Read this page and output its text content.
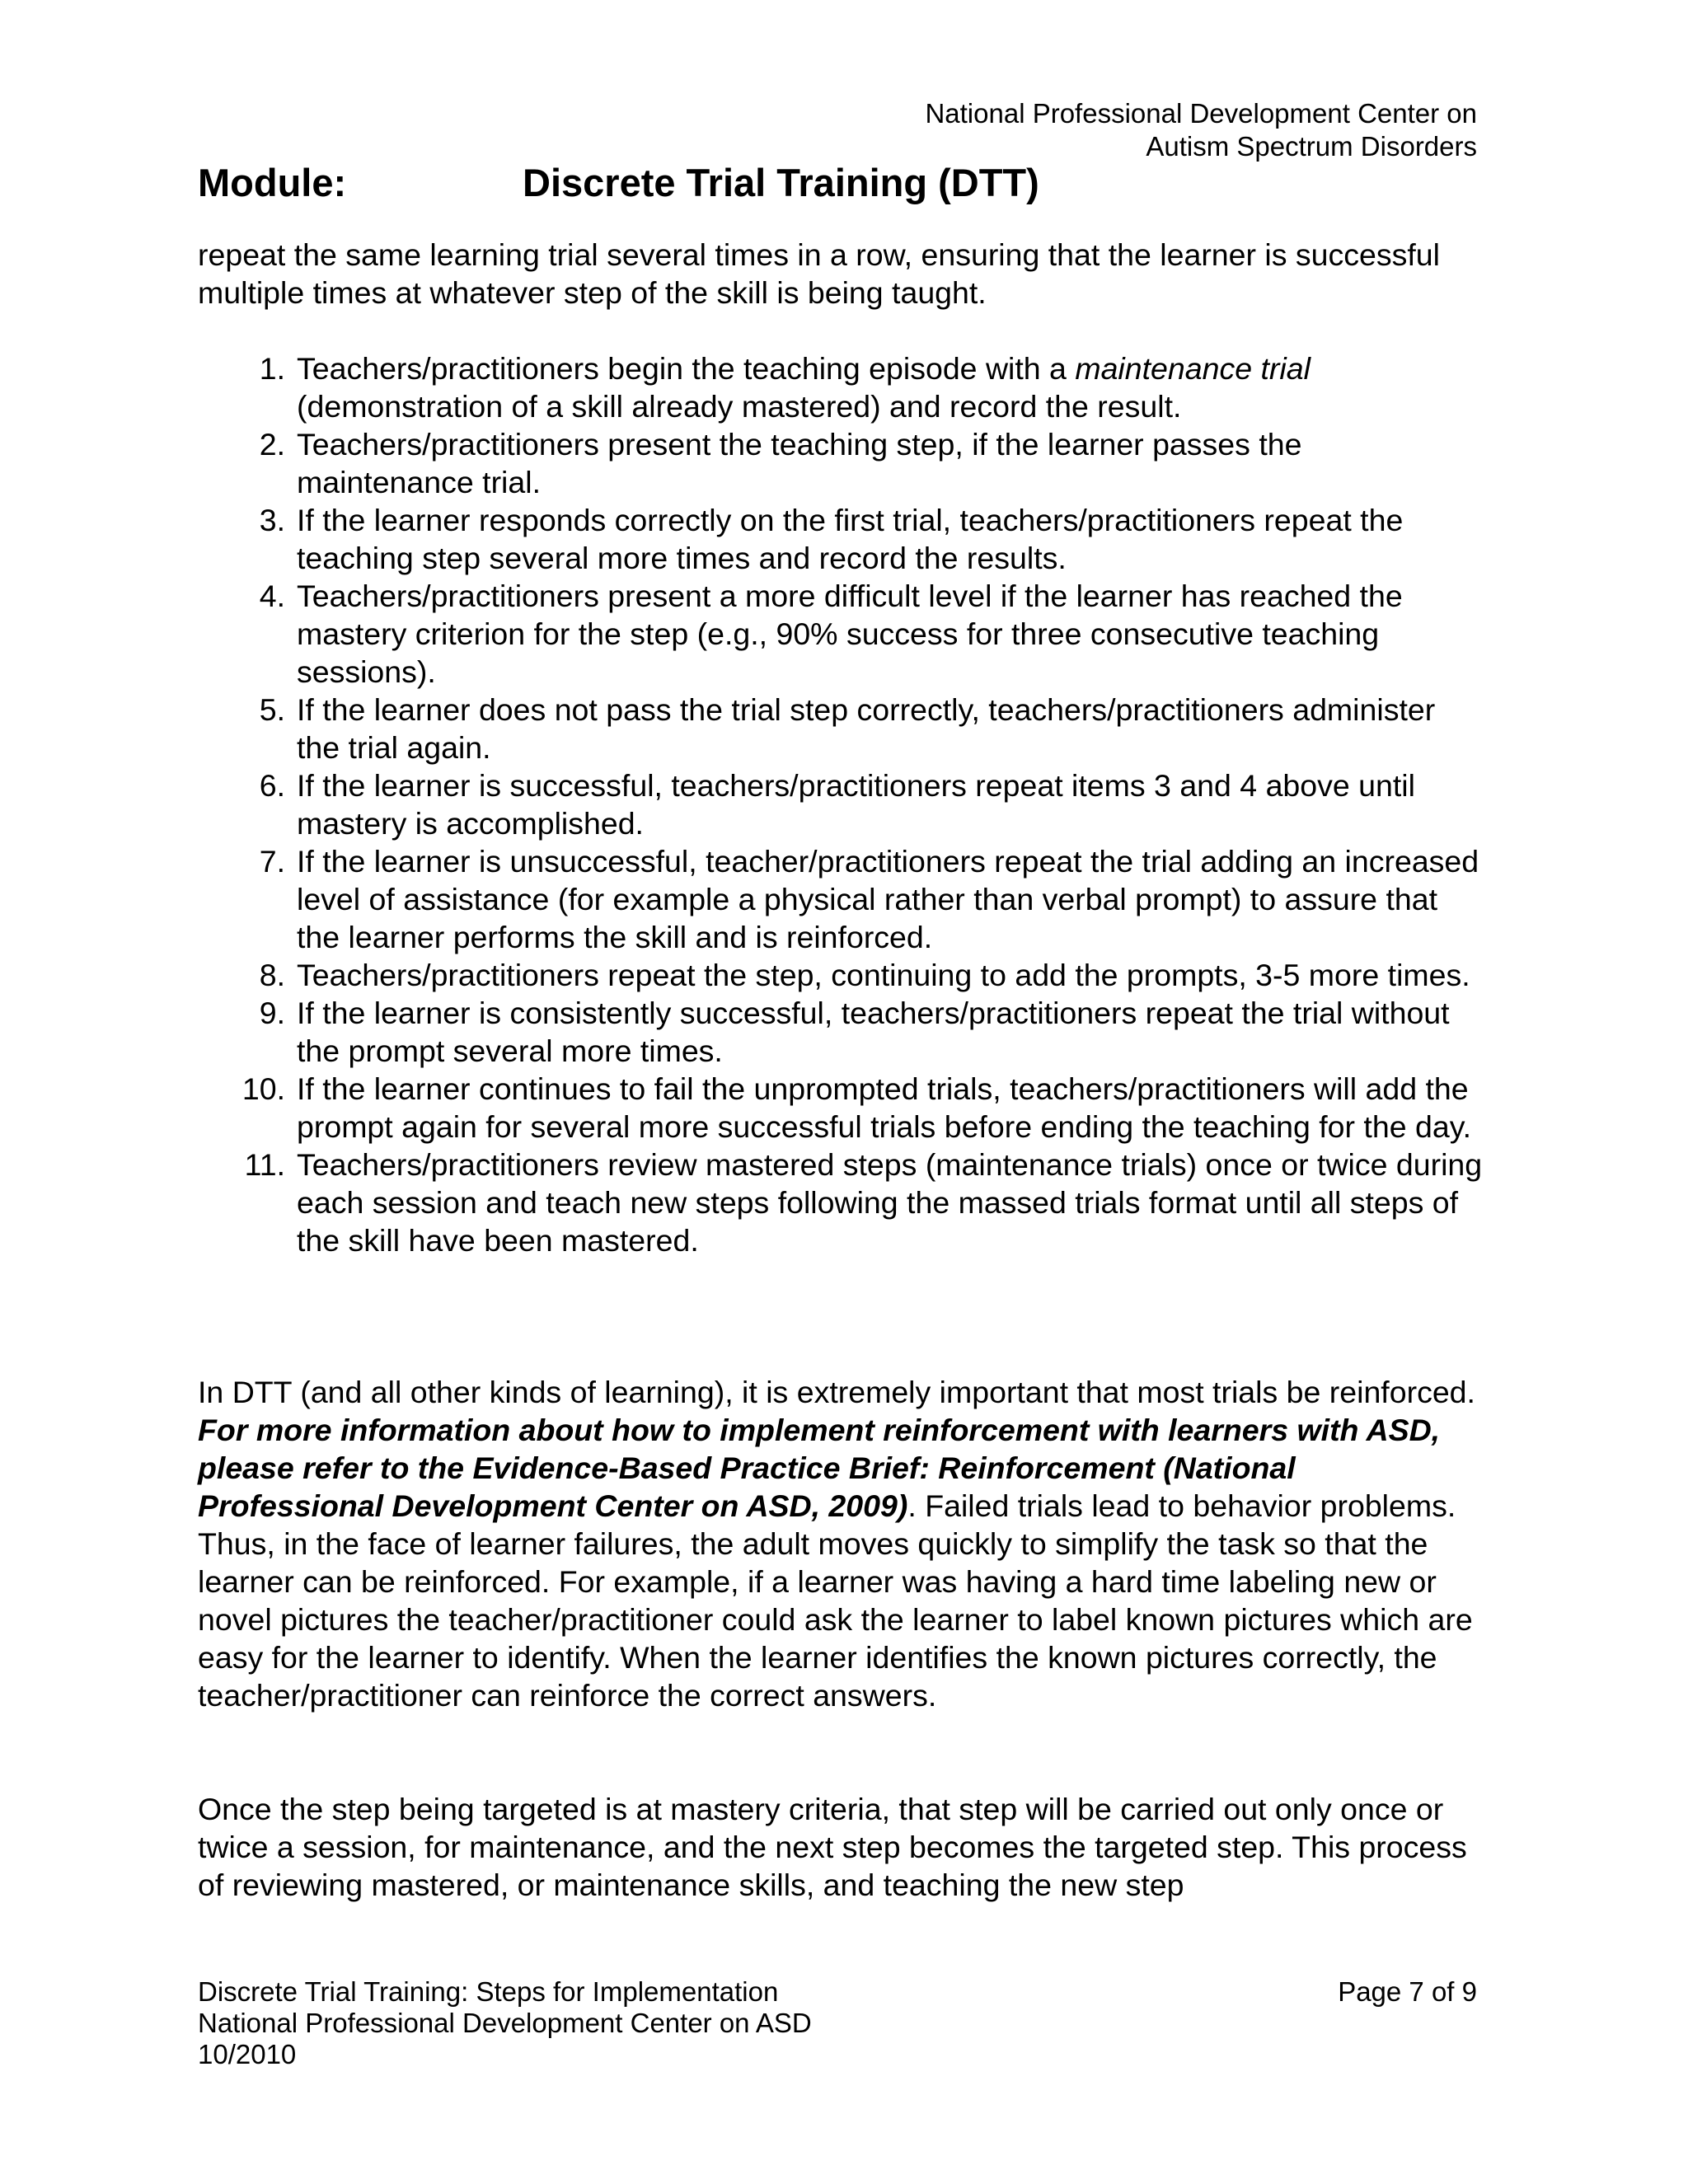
National Professional Development Center on
Autism Spectrum Disorders
Module:	Discrete Trial Training (DTT)
repeat the same learning trial several times in a row, ensuring that the learner is successful multiple times at whatever step of the skill is being taught.
1. Teachers/practitioners begin the teaching episode with a maintenance trial (demonstration of a skill already mastered) and record the result.
2. Teachers/practitioners present the teaching step, if the learner passes the maintenance trial.
3. If the learner responds correctly on the first trial, teachers/practitioners repeat the teaching step several more times and record the results.
4. Teachers/practitioners present a more difficult level if the learner has reached the mastery criterion for the step (e.g., 90% success for three consecutive teaching sessions).
5. If the learner does not pass the trial step correctly, teachers/practitioners administer the trial again.
6. If the learner is successful, teachers/practitioners repeat items 3 and 4 above until mastery is accomplished.
7. If the learner is unsuccessful, teacher/practitioners repeat the trial adding an increased level of assistance (for example a physical rather than verbal prompt) to assure that the learner performs the skill and is reinforced.
8. Teachers/practitioners repeat the step, continuing to add the prompts, 3-5 more times.
9. If the learner is consistently successful, teachers/practitioners repeat the trial without the prompt several more times.
10. If the learner continues to fail the unprompted trials, teachers/practitioners will add the prompt again for several more successful trials before ending the teaching for the day.
11. Teachers/practitioners review mastered steps (maintenance trials) once or twice during each session and teach new steps following the massed trials format until all steps of the skill have been mastered.
In DTT (and all other kinds of learning), it is extremely important that most trials be reinforced. For more information about how to implement reinforcement with learners with ASD, please refer to the Evidence-Based Practice Brief: Reinforcement (National Professional Development Center on ASD, 2009). Failed trials lead to behavior problems. Thus, in the face of learner failures, the adult moves quickly to simplify the task so that the learner can be reinforced. For example, if a learner was having a hard time labeling new or novel pictures the teacher/practitioner could ask the learner to label known pictures which are easy for the learner to identify. When the learner identifies the known pictures correctly, the teacher/practitioner can reinforce the correct answers.
Once the step being targeted is at mastery criteria, that step will be carried out only once or twice a session, for maintenance, and the next step becomes the targeted step. This process of reviewing mastered, or maintenance skills, and teaching the new step
Discrete Trial Training: Steps for Implementation
National Professional Development Center on ASD
10/2010
Page 7 of 9
